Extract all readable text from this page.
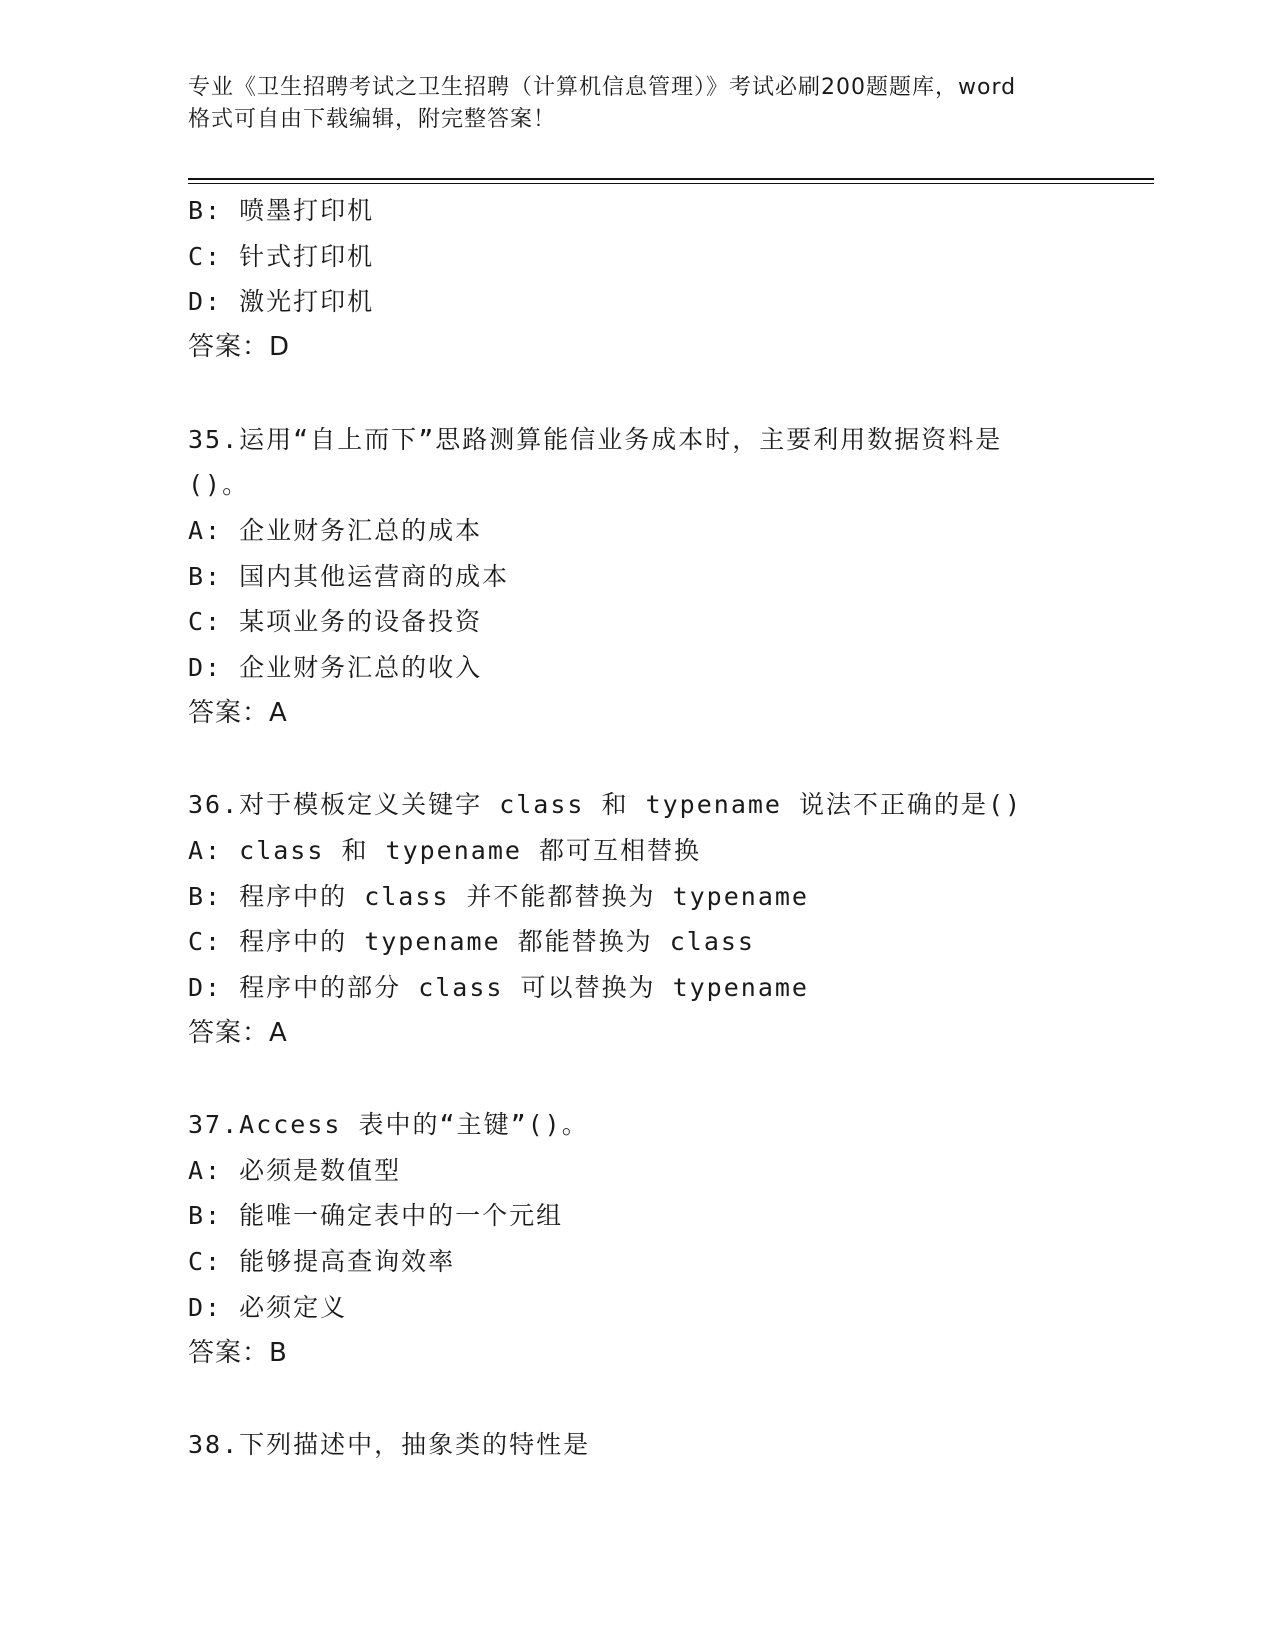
专业《卫生招聘考试之卫生招聘（计算机信息管理）》考试必刷200题题库，word
格式可自由下载编辑，附完整答案！

B: 喷墨打印机

C: 针式打印机

D: 激光打印机

答案：D

35.运用“自上而下”思路测算能信业务成本时，主要利用数据资料是

()。

A: 企业财务汇总的成本

B: 国内其他运营商的成本

C: 某项业务的设备投资

D: 企业财务汇总的收入

答案：A

36.对于模板定义关键字 class 和 typename 说法不正确的是()

A: class 和 typename 都可互相替换

B: 程序中的 class 并不能都替换为 typename

C: 程序中的 typename 都能替换为 class

D: 程序中的部分 class 可以替换为 typename

答案：A

37.Access 表中的“主键”()。

A: 必须是数值型

B: 能唯一确定表中的一个元组

C: 能够提高查询效率

D: 必须定义

答案：B

38.下列描述中，抽象类的特性是
